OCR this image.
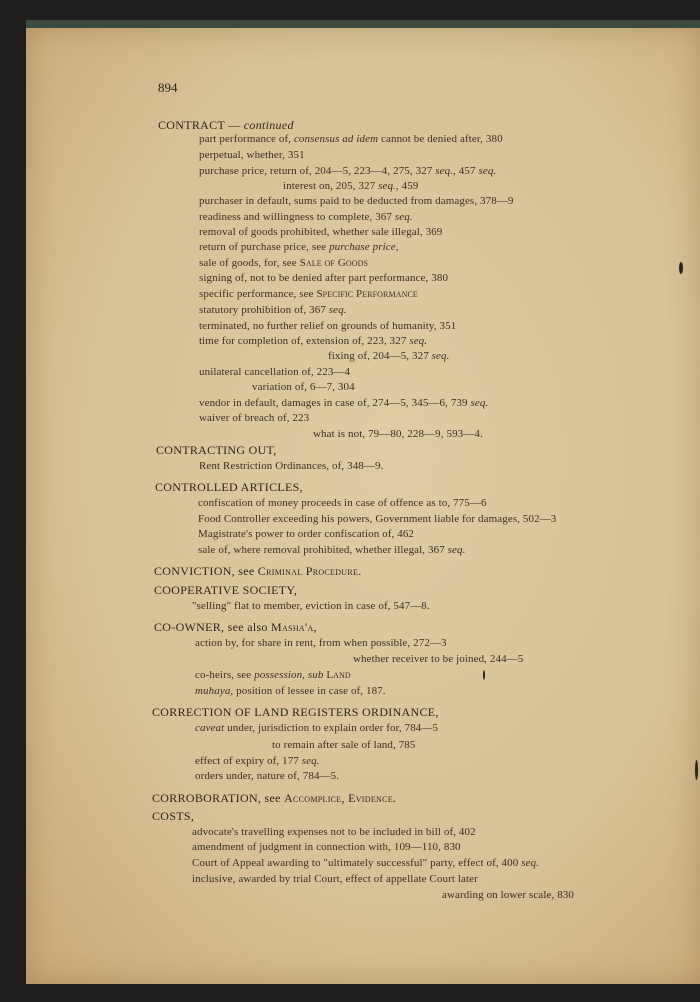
894
CONTRACT — continued
part performance of, consensus ad idem cannot be denied after, 380
perpetual, whether, 351
purchase price, return of, 204—5, 223—4, 275, 327 seq., 457 seq.
interest on, 205, 327 seq., 459
purchaser in default, sums paid to be deducted from damages, 378—9
readiness and willingness to complete, 367 seq.
removal of goods prohibited, whether sale illegal, 369
return of purchase price, see purchase price,
sale of goods, for, see Sale of Goods
signing of, not to be denied after part performance, 380
specific performance, see Specific Performance
statutory prohibition of, 367 seq.
terminated, no further relief on grounds of humanity, 351
time for completion of, extension of, 223, 327 seq.
fixing of, 204—5, 327 seq.
unilateral cancellation of, 223—4
variation of, 6—7, 304
vendor in default, damages in case of, 274—5, 345—6, 739 seq.
waiver of breach of, 223
what is not, 79—80, 228—9, 593—4.
CONTRACTING OUT,
Rent Restriction Ordinances, of, 348—9.
CONTROLLED ARTICLES,
confiscation of money proceeds in case of offence as to, 775—6
Food Controller exceeding his powers, Government liable for damages, 502—3
Magistrate's power to order confiscation of, 462
sale of, where removal prohibited, whether illegal, 367 seq.
CONVICTION, see Criminal Procedure.
COOPERATIVE SOCIETY,
"selling" flat to member, eviction in case of, 547—8.
CO-OWNER, see also Masha'a,
action by, for share in rent, from when possible, 272—3
whether receiver to be joined, 244—5
co-heirs, see possession, sub Land
muhaya, position of lessee in case of, 187.
CORRECTION OF LAND REGISTERS ORDINANCE,
caveat under, jurisdiction to explain order for, 784—5
to remain after sale of land, 785
effect of expiry of, 177 seq.
orders under, nature of, 784—5.
CORROBORATION, see Accomplice, Evidence.
COSTS,
advocate's travelling expenses not to be included in bill of, 402
amendment of judgment in connection with, 109—110, 830
Court of Appeal awarding to "ultimately successful" party, effect of, 400 seq.
inclusive, awarded by trial Court, effect of appellate Court later
awarding on lower scale, 830
